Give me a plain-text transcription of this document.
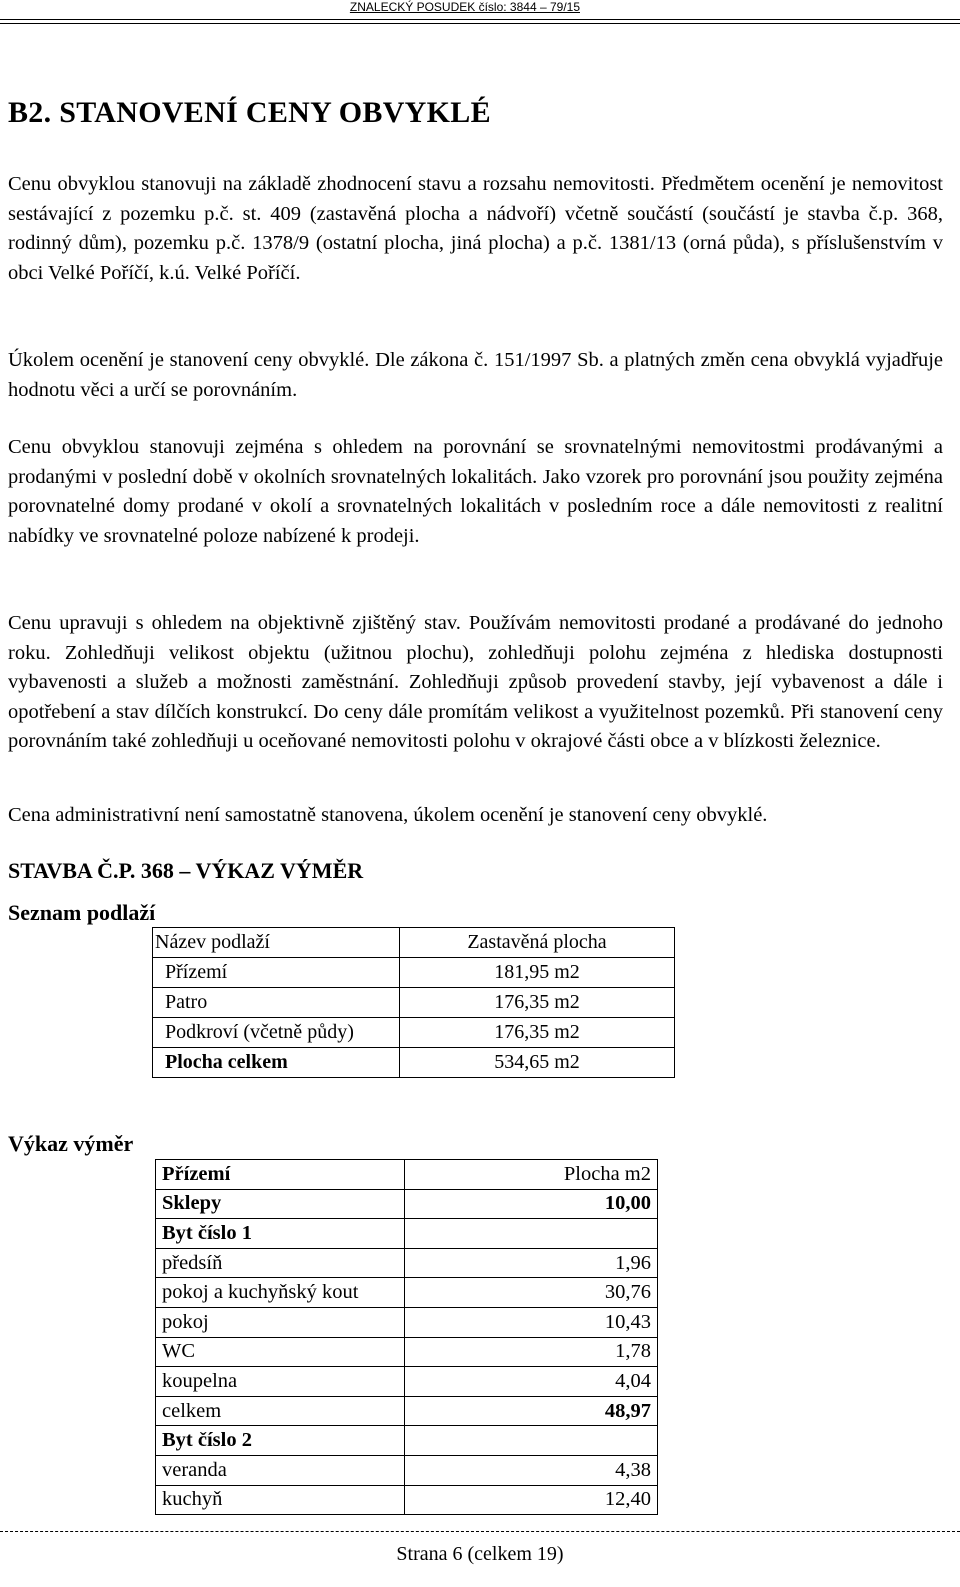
ZNALECKÝ POSUDEK číslo: 3844 – 79/15
B2. STANOVENÍ CENY OBVYKLÉ

Cenu obvyklou stanovuji na základě zhodnocení stavu a rozsahu nemovitosti. Předmětem ocenění je nemovitost sestávající z pozemku p.č. st. 409 (zastavěná plocha a nádvoří) včetně součástí (součástí je stavba č.p. 368, rodinný dům), pozemku p.č. 1378/9 (ostatní plocha, jiná plocha) a p.č. 1381/13 (orná půda), s příslušenstvím v obci Velké Poříčí, k.ú. Velké Poříčí.

Úkolem ocenění je stanovení ceny obvyklé. Dle zákona č. 151/1997 Sb. a platných změn cena obvyklá vyjadřuje hodnotu věci a určí se porovnáním.

Cenu obvyklou stanovuji zejména s ohledem na porovnání se srovnatelnými nemovitostmi prodávanými a prodanými v poslední době v okolních srovnatelných lokalitách. Jako vzorek pro porovnání jsou použity zejména porovnatelné domy prodané v okolí a srovnatelných lokalitách v posledním roce a dále nemovitosti z realitní nabídky ve srovnatelné poloze nabízené k prodeji.

Cenu upravuji s ohledem na objektivně zjištěný stav. Používám nemovitosti prodané a prodávané do jednoho roku. Zohledňuji velikost objektu (užitnou plochu), zohledňuji polohu zejména z hlediska dostupnosti vybavenosti a služeb a možnosti zaměstnání. Zohledňuji způsob provedení stavby, její vybavenost a dále i opotřebení a stav dílčích konstrukcí. Do ceny dále promítám velikost a využitelnost pozemků. Při stanovení ceny porovnáním také zohledňuji u oceňované nemovitosti polohu v okrajové části obce a v blízkosti železnice.

Cena administrativní není samostatně stanovena, úkolem ocenění je stanovení ceny obvyklé.

STAVBA Č.P. 368 – VÝKAZ VÝMĚR
Seznam podlaží
Název podlaží	Zastavěná plocha
Přízemí	181,95 m2
Patro	176,35 m2
Podkroví (včetně půdy)	176,35 m2
Plocha celkem	534,65 m2
Výkaz výměr
Přízemí	Plocha m2
Sklepy	10,00
Byt číslo 1	
předsíň	1,96
pokoj a kuchyňský kout	30,76
pokoj	10,43
WC	1,78
koupelna	4,04
celkem	48,97
Byt číslo 2	
veranda	4,38
kuchyň	12,40
Strana 6 (celkem 19)
